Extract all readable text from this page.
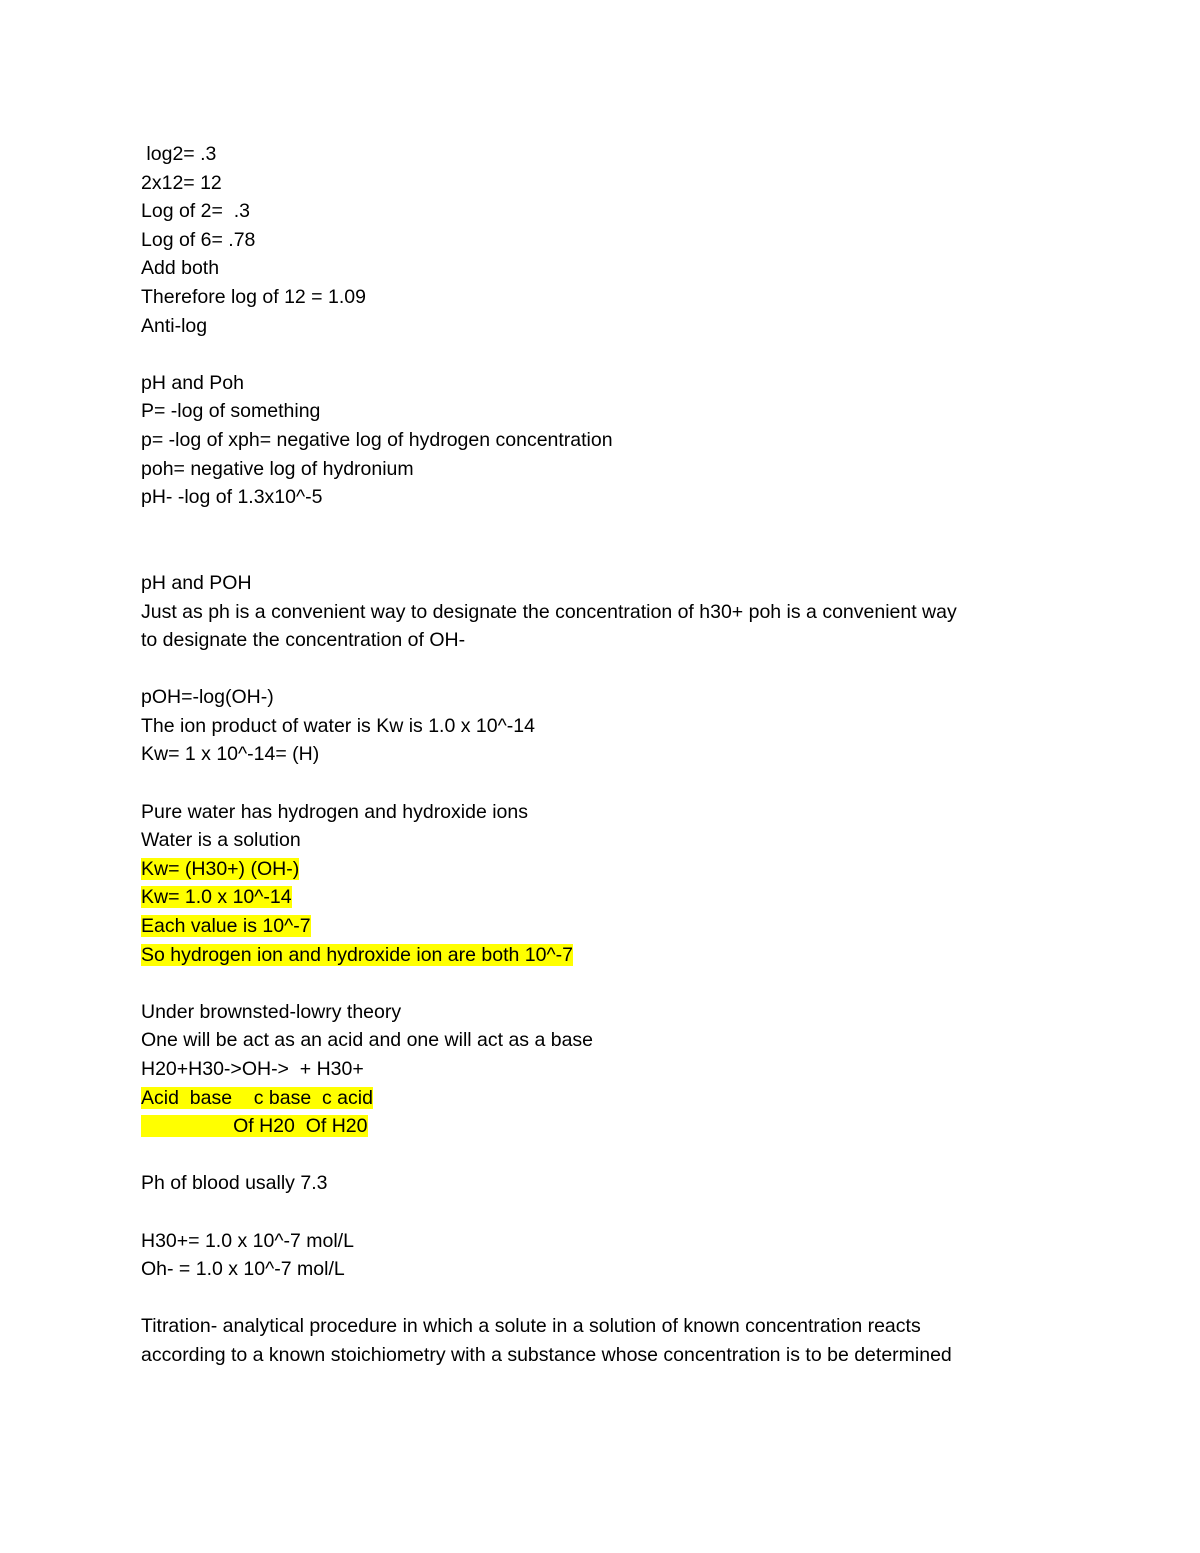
log2= .3
2x12= 12
Log of 2=  .3
Log of 6= .78
Add both
Therefore log of 12 = 1.09
Anti-log
pH and Poh
P= -log of something
p= -log of xph= negative log of hydrogen concentration
poh= negative log of hydronium
pH- -log of 1.3x10^-5
pH and POH
Just as ph is a convenient way to designate the concentration of h30+ poh is a convenient way
to designate the concentration of OH-
pOH=-log(OH-)
The ion product of water is Kw is 1.0 x 10^-14
Kw= 1 x 10^-14= (H)
Pure water has hydrogen and hydroxide ions
Water is a solution
Kw= (H30+) (OH-)
Kw= 1.0 x 10^-14
Each value is 10^-7
So hydrogen ion and hydroxide ion are both 10^-7
Under brownsted-lowry theory
One will be act as an acid and one will act as a base
H20+H30->OH->  + H30+
Acid  base    c base  c acid
Of H20  Of H20
Ph of blood usally 7.3
H30+= 1.0 x 10^-7 mol/L
Oh- = 1.0 x 10^-7 mol/L
Titration- analytical procedure in which a solute in a solution of known concentration reacts
according to a known stoichiometry with a substance whose concentration is to be determined
